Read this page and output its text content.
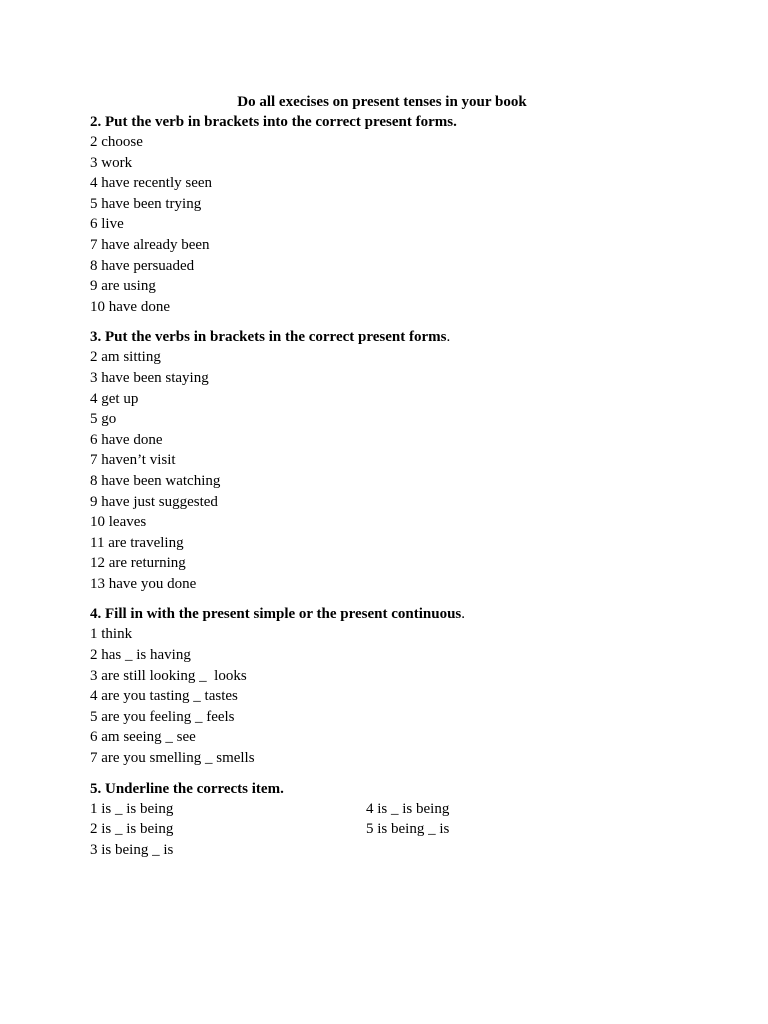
Do all execises on present tenses in your book
2. Put the verb in brackets into the correct present forms.
2 choose
3 work
4 have recently seen
5 have been trying
6 live
7 have already been
8 have persuaded
9 are using
10 have done
3. Put the verbs in brackets in the correct present forms.
2 am sitting
3 have been staying
4 get up
5 go
6 have done
7 haven’t visit
8 have been watching
9 have just suggested
10 leaves
11 are traveling
12 are returning
13 have you done
4. Fill in with the present simple or the present continuous.
1 think
2 has _ is having
3 are still looking _  looks
4 are you tasting _ tastes
5 are you feeling _ feels
6 am seeing _ see
7 are you smelling _ smells
5. Underline the corrects item.
1 is _ is being	4 is _ is being
2 is _ is being	5 is being _ is
3 is being _ is
